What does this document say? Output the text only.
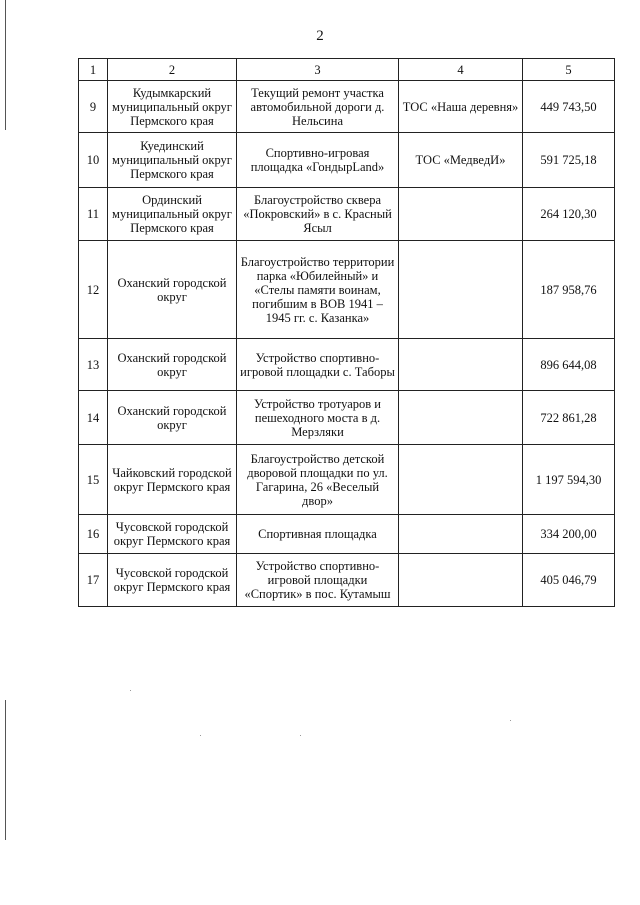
2
1	2	3	4	5
9	Кудымкарский муниципальный округ Пермского края	Текущий ремонт участка автомобильной дороги д. Нельсина	ТОС «Наша деревня»	449 743,50
10	Куединский муниципальный округ Пермского края	Спортивно-игровая площадка «ГондырLand»	ТОС «МедведИ»	591 725,18
11	Ординский муниципальный округ Пермского края	Благоустройство сквера «Покровский» в с. Красный Ясыл		264 120,30
12	Оханский городской округ	Благоустройство территории парка «Юбилейный» и «Стелы памяти воинам, погибшим в ВОВ 1941 – 1945 гг. с. Казанка»		187 958,76
13	Оханский городской округ	Устройство спортивно-игровой площадки с. Таборы		896 644,08
14	Оханский городской округ	Устройство тротуаров и пешеходного моста в д. Мерзляки		722 861,28
15	Чайковский городской округ Пермского края	Благоустройство детской дворовой площадки по ул. Гагарина, 26 «Веселый двор»		1 197 594,30
16	Чусовской городской округ Пермского края	Спортивная площадка		334 200,00
17	Чусовской городской округ Пермского края	Устройство спортивно-игровой площадки «Спортик» в пос. Кутамыш		405 046,79
